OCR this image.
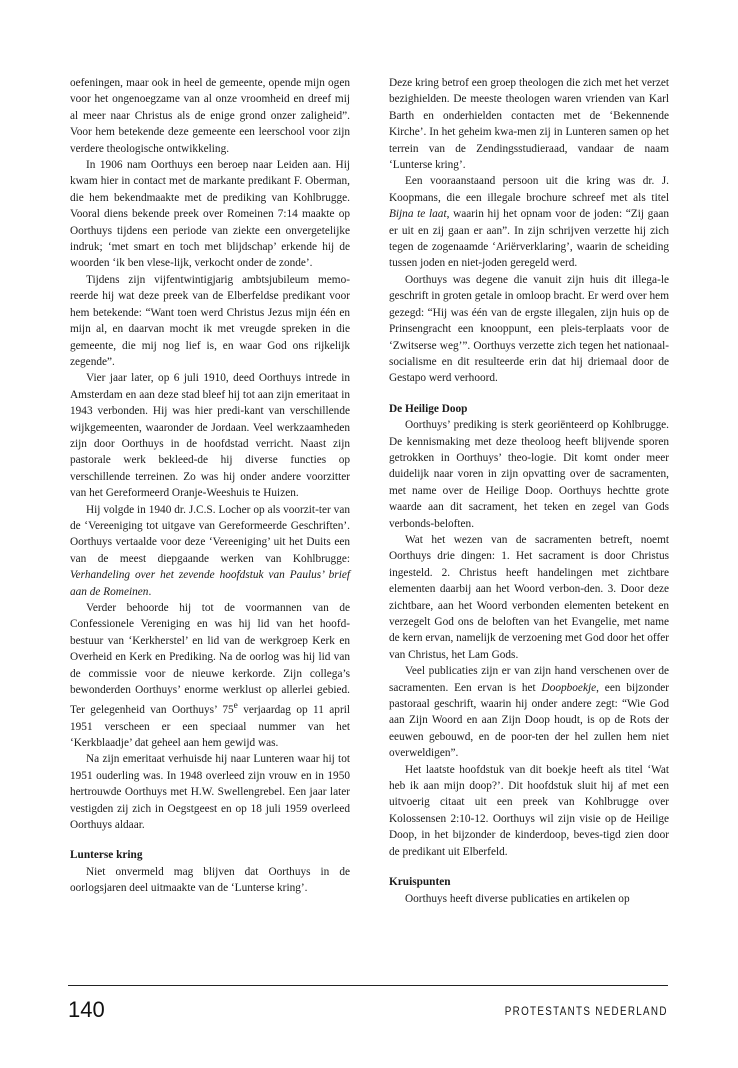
oefeningen, maar ook in heel de gemeente, opende mijn ogen voor het ongenoegzame van al onze vroomheid en dreef mij al meer naar Christus als de enige grond onzer zaligheid”. Voor hem betekende deze gemeente een leerschool voor zijn verdere theologische ontwikkeling.

In 1906 nam Oorthuys een beroep naar Leiden aan. Hij kwam hier in contact met de markante predikant F. Oberman, die hem bekendmaakte met de prediking van Kohlbrugge. Vooral diens bekende preek over Romeinen 7:14 maakte op Oorthuys tijdens een periode van ziekte een onvergetelijke indruk; ‘met smart en toch met blijdschap’ erkende hij de woorden ‘ik ben vlese-lijk, verkocht onder de zonde’.

Tijdens zijn vijfentwintigjarig ambtsjubileum memo-reerde hij wat deze preek van de Elberfeldse predikant voor hem betekende: “Want toen werd Christus Jezus mijn één en mijn al, en daarvan mocht ik met vreugde spreken in die gemeente, die mij nog lief is, en waar God ons rijkelijk zegende”.

Vier jaar later, op 6 juli 1910, deed Oorthuys intrede in Amsterdam en aan deze stad bleef hij tot aan zijn emeritaat in 1943 verbonden. Hij was hier predi-kant van verschillende wijkgemeenten, waaronder de Jordaan. Veel werkzaamheden zijn door Oorthuys in de hoofdstad verricht. Naast zijn pastorale werk bekleed-de hij diverse functies op verschillende terreinen. Zo was hij onder andere voorzitter van het Gereformeerd Oranje-Weeshuis te Huizen.

Hij volgde in 1940 dr. J.C.S. Locher op als voorzit-ter van de ‘Vereeniging tot uitgave van Gereformeerde Geschriften’. Oorthuys vertaalde voor deze ‘Vereeniging’ uit het Duits een van de meest diepgaande werken van Kohlbrugge: Verhandeling over het zevende hoofdstuk van Paulus’ brief aan de Romeinen.

Verder behoorde hij tot de voormannen van de Confessionele Vereniging en was hij lid van het hoofd-bestuur van ‘Kerkherstel’ en lid van de werkgroep Kerk en Overheid en Kerk en Prediking. Na de oorlog was hij lid van de commissie voor de nieuwe kerkorde. Zijn collega’s bewonderden Oorthuys’ enorme werklust op allerlei gebied. Ter gelegenheid van Oorthuys’ 75e verjaardag op 11 april 1951 verscheen er een speciaal nummer van het ‘Kerkblaadje’ dat geheel aan hem gewijd was.

Na zijn emeritaat verhuisde hij naar Lunteren waar hij tot 1951 ouderling was. In 1948 overleed zijn vrouw en in 1950 hertrouwde Oorthuys met H.W. Swellengrebel. Een jaar later vestigden zij zich in Oegstgeest en op 18 juli 1959 overleed Oorthuys aldaar.

Lunterse kring

Niet onvermeld mag blijven dat Oorthuys in de oorlogsjaren deel uitmaakte van de ‘Lunterse kring’.

Deze kring betrof een groep theologen die zich met het verzet bezighielden. De meeste theologen waren vrienden van Karl Barth en onderhielden contacten met de ‘Bekennende Kirche’. In het geheim kwa-men zij in Lunteren samen op het terrein van de Zendingsstudieraad, vandaar de naam ‘Lunterse kring’.

Een vooraanstaand persoon uit die kring was dr. J. Koopmans, die een illegale brochure schreef met als titel Bijna te laat, waarin hij het opnam voor de joden: “Zij gaan er uit en zij gaan er aan”. In zijn schrijven verzette hij zich tegen de zogenaamde ‘Ariërverklaring’, waarin de scheiding tussen joden en niet-joden geregeld werd.

Oorthuys was degene die vanuit zijn huis dit illega-le geschrift in groten getale in omloop bracht. Er werd over hem gezegd: “Hij was één van de ergste illegalen, zijn huis op de Prinsengracht een knooppunt, een pleis-terplaats voor de ‘Zwitserse weg’”. Oorthuys verzette zich tegen het nationaal-socialisme en dit resulteerde erin dat hij driemaal door de Gestapo werd verhoord.

De Heilige Doop

Oorthuys’ prediking is sterk georiënteerd op Kohlbrugge. De kennismaking met deze theoloog heeft blijvende sporen getrokken in Oorthuys’ theo-logie. Dit komt onder meer duidelijk naar voren in zijn opvatting over de sacramenten, met name over de Heilige Doop. Oorthuys hechtte grote waarde aan dit sacrament, het teken en zegel van Gods verbonds-beloften.

Wat het wezen van de sacramenten betreft, noemt Oorthuys drie dingen: 1. Het sacrament is door Christus ingesteld. 2. Christus heeft handelingen met zichtbare elementen daarbij aan het Woord verbon-den. 3. Door deze zichtbare, aan het Woord verbonden elementen betekent en verzegelt God ons de beloften van het Evangelie, met name de kern ervan, namelijk de verzoening met God door het offer van Christus, het Lam Gods.

Veel publicaties zijn er van zijn hand verschenen over de sacramenten. Een ervan is het Doopboekje, een bijzonder pastoraal geschrift, waarin hij onder andere zegt: “Wie God aan Zijn Woord en aan Zijn Doop houdt, is op de Rots der eeuwen gebouwd, en de poor-ten der hel zullen hem niet overweldigen”.

Het laatste hoofdstuk van dit boekje heeft als titel ‘Wat heb ik aan mijn doop?’. Dit hoofdstuk sluit hij af met een uitvoerig citaat uit een preek van Kohlbrugge over Kolossensen 2:10-12. Oorthuys wil zijn visie op de Heilige Doop, in het bijzonder de kinderdoop, beves-tigd zien door de predikant uit Elberfeld.

Kruispunten

Oorthuys heeft diverse publicaties en artikelen op

140	PROTESTANTS NEDERLAND
